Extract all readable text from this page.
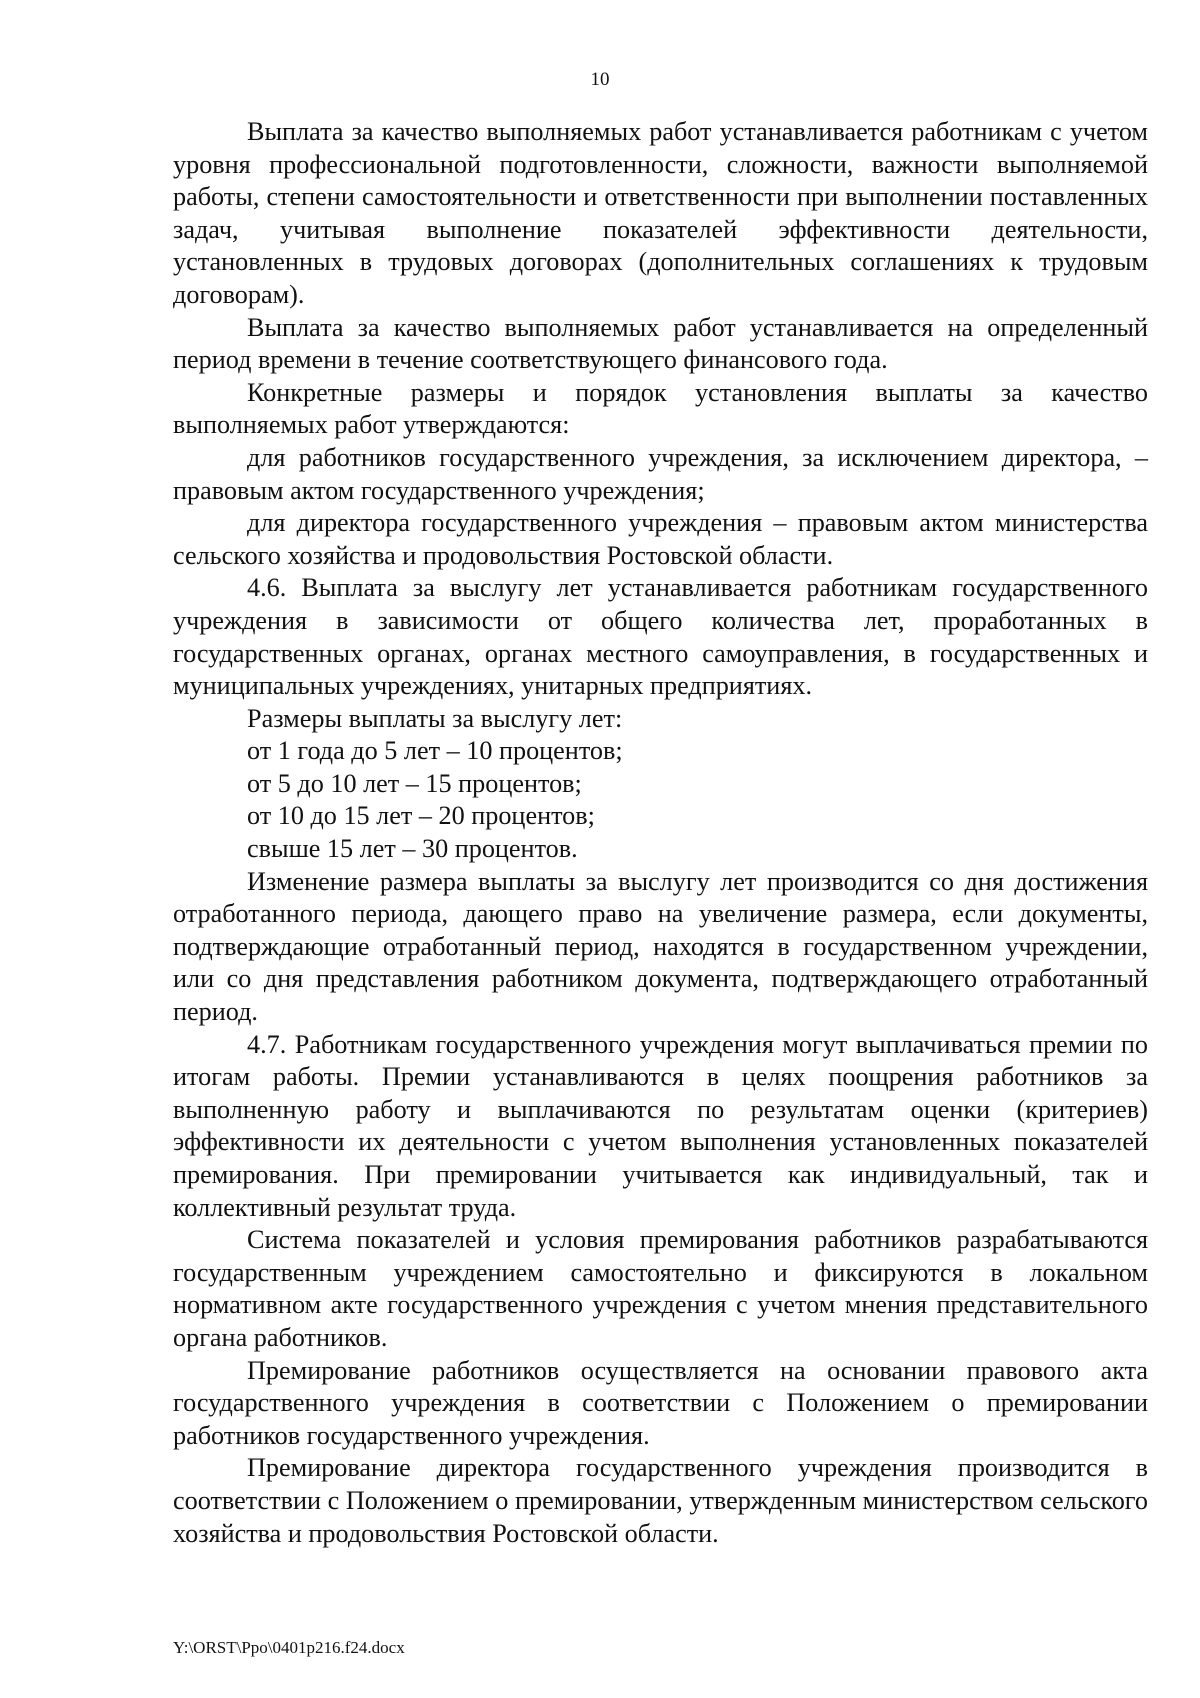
10

Выплата за качество выполняемых работ устанавливается работникам с учетом уровня профессиональной подготовленности, сложности, важности выполняемой работы, степени самостоятельности и ответственности при выполнении поставленных задач, учитывая выполнение показателей эффективности деятельности, установленных в трудовых договорах (дополнительных соглашениях к трудовым договорам).

Выплата за качество выполняемых работ устанавливается на определенный период времени в течение соответствующего финансового года.

Конкретные размеры и порядок установления выплаты за качество выполняемых работ утверждаются:

для работников государственного учреждения, за исключением директора, – правовым актом государственного учреждения;

для директора государственного учреждения – правовым актом министерства сельского хозяйства и продовольствия Ростовской области.

4.6. Выплата за выслугу лет устанавливается работникам государственного учреждения в зависимости от общего количества лет, проработанных в государственных органах, органах местного самоуправления, в государственных и муниципальных учреждениях, унитарных предприятиях.

Размеры выплаты за выслугу лет:

от 1 года до 5 лет – 10 процентов;

от 5 до 10 лет – 15 процентов;

от 10 до 15 лет – 20 процентов;

свыше 15 лет – 30 процентов.

Изменение размера выплаты за выслугу лет производится со дня достижения отработанного периода, дающего право на увеличение размера, если документы, подтверждающие отработанный период, находятся в государственном учреждении, или со дня представления работником документа, подтверждающего отработанный период.

4.7. Работникам государственного учреждения могут выплачиваться премии по итогам работы. Премии устанавливаются в целях поощрения работников за выполненную работу и выплачиваются по результатам оценки (критериев) эффективности их деятельности с учетом выполнения установленных показателей премирования. При премировании учитывается как индивидуальный, так и коллективный результат труда.

Система показателей и условия премирования работников разрабатываются государственным учреждением самостоятельно и фиксируются в локальном нормативном акте государственного учреждения с учетом мнения представительного органа работников.

Премирование работников осуществляется на основании правового акта государственного учреждения в соответствии с Положением о премировании работников государственного учреждения.

Премирование директора государственного учреждения производится в соответствии с Положением о премировании, утвержденным министерством сельского хозяйства и продовольствия Ростовской области.

Y:\ORST\Ppo\0401p216.f24.docx
